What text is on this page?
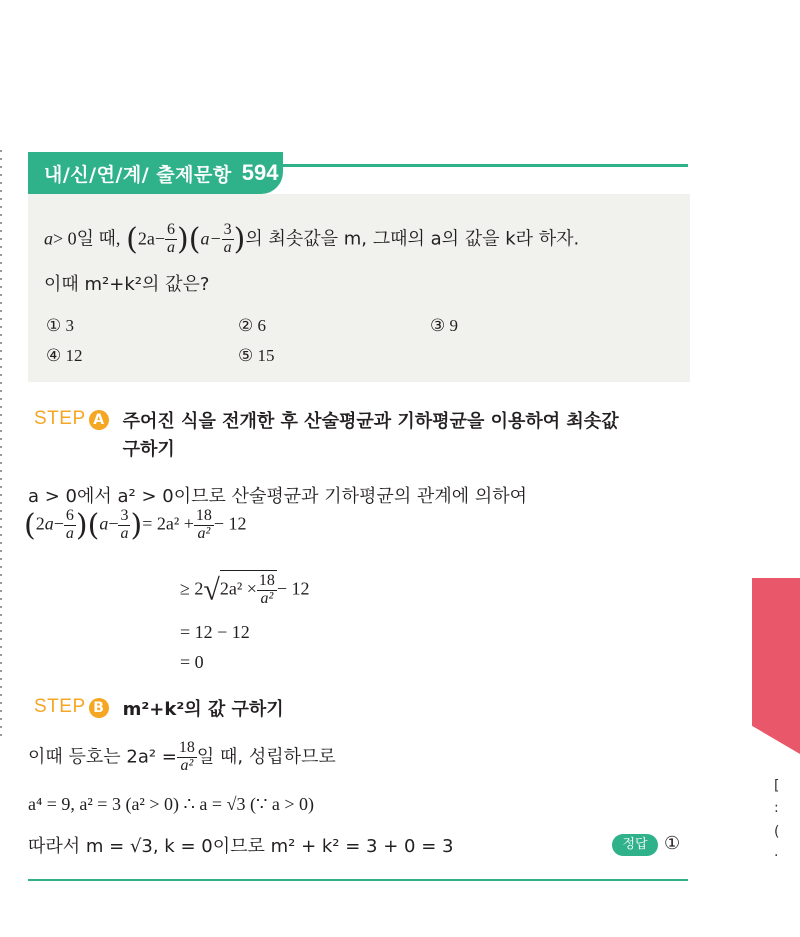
내/신/연/계/ 출제문항 594
a> 0일 때, $(2a- \frac{6}{a} )(a- \frac{3}{a}$ )의 최솟값을 m, 그때의 a의 값을 k라 하자.
이때 m²+k²의 값은?
① 3	② 6	③ 9
④ 12	⑤ 15
STEP A 주어진 식을 전개한 후 산술평균과 기하평균을 이용하여 최솟값
구하기
a > 0에서 a² > 0이므로 산술평균과 기하평균의 관계에 의하여
$(2a- \frac{6}{a} )(a- \frac{3}{a}$ )= $2a^2 + \frac{18}{\text{a²}} - 12$
≥ $2√2a^2 \times \frac{18}{\text{a²}} - 12$
= 12 − 12
= 0
STEP B m²+k²의 값 구하기
이때 등호는 $2a^2 = \frac{18}{\text{a²}}$ 일 때, 성립하므로
a⁴ = 9, a² = 3 (a² > 0) ∴ a = √3 (∵ a > 0)
따라서 m = √3, k = 0이므로 m² + k² = 3 + 0 = 3	정답 ①
[
:
(
·
